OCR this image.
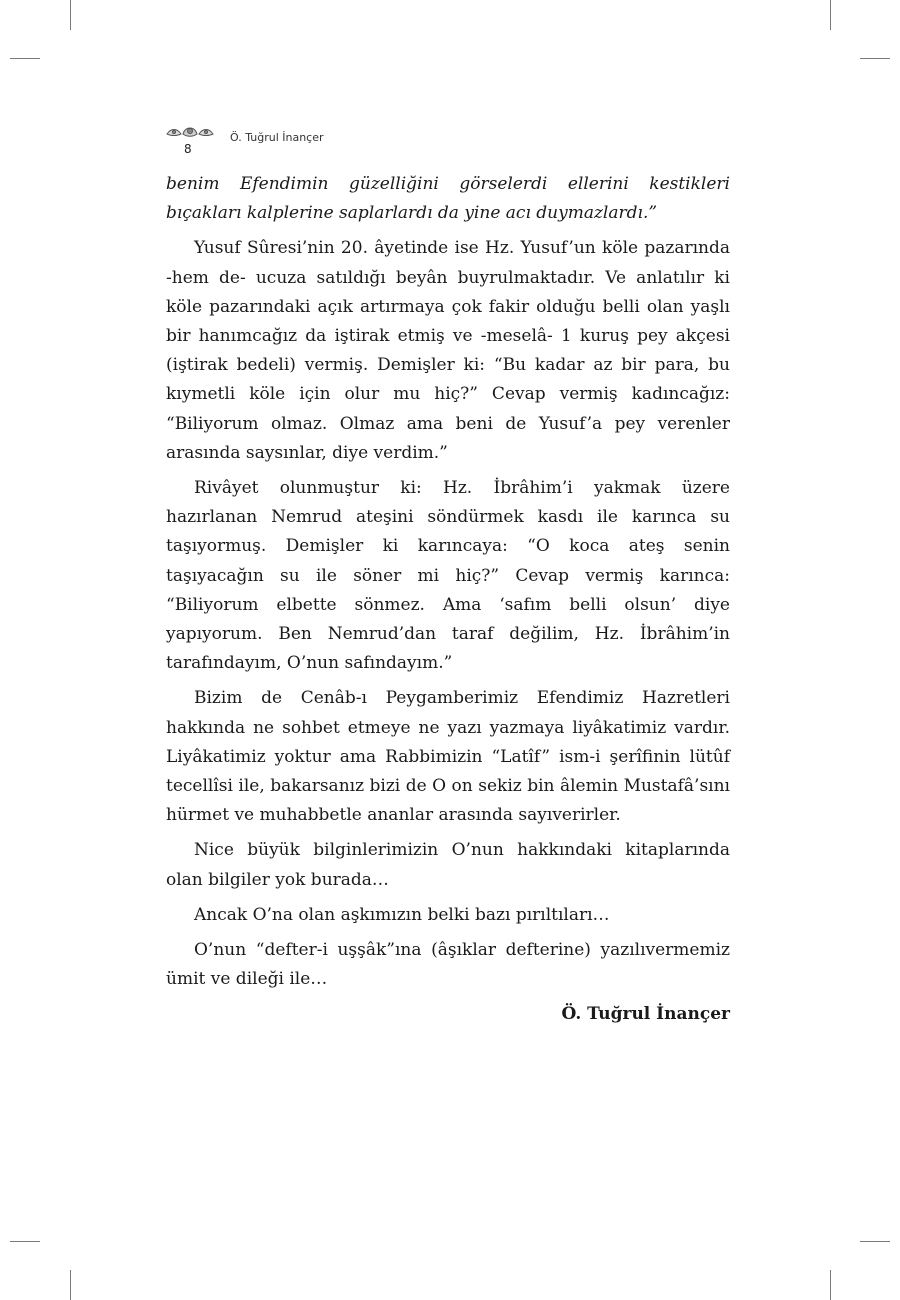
8
Ö. Tuğrul İnançer

benim Efendimin güzelliğini görselerdi ellerini kestikleri bıçakları kalplerine saplarlardı da yine acı duymazlardı.”

Yusuf Sûresi’nin 20. âyetinde ise Hz. Yusuf’un köle pazarında -hem de- ucuza satıldığı beyân buyrulmaktadır. Ve anlatılır ki köle pazarındaki açık artırmaya çok fakir olduğu belli olan yaşlı bir hanımcağız da iştirak etmiş ve -meselâ- 1 kuruş pey akçesi (iştirak bedeli) vermiş. Demişler ki: “Bu kadar az bir para, bu kıymetli köle için olur mu hiç?” Cevap vermiş kadıncağız: “Biliyorum olmaz. Olmaz ama beni de Yusuf’a pey verenler arasında saysınlar, diye verdim.”

Rivâyet olunmuştur ki: Hz. İbrâhim’i yakmak üzere hazırlanan Nemrud ateşini söndürmek kasdı ile karınca su taşıyormuş. Demişler ki karıncaya: “O koca ateş senin taşıyacağın su ile söner mi hiç?” Cevap vermiş karınca: “Biliyorum elbette sönmez. Ama ‘safım belli olsun’ diye yapıyorum. Ben Nemrud’dan taraf değilim, Hz. İbrâhim’in tarafındayım, O’nun safındayım.”

Bizim de Cenâb-ı Peygamberimiz Efendimiz Hazretleri hakkında ne sohbet etmeye ne yazı yazmaya liyâkatimiz vardır. Liyâkatimiz yoktur ama Rabbimizin “Latîf” ism-i şerîfinin lütûf tecellîsi ile, bakarsanız bizi de O on sekiz bin âlemin Mustafâ’sını hürmet ve muhabbetle ananlar arasında sayıverirler.

Nice büyük bilginlerimizin O’nun hakkındaki kitaplarında olan bilgiler yok burada…

Ancak O’na olan aşkımızın belki bazı pırıltıları…

O’nun “defter-i uşşâk”ına (âşıklar defterine) yazılıvermemiz ümit ve dileği ile…

Ö. Tuğrul İnançer
